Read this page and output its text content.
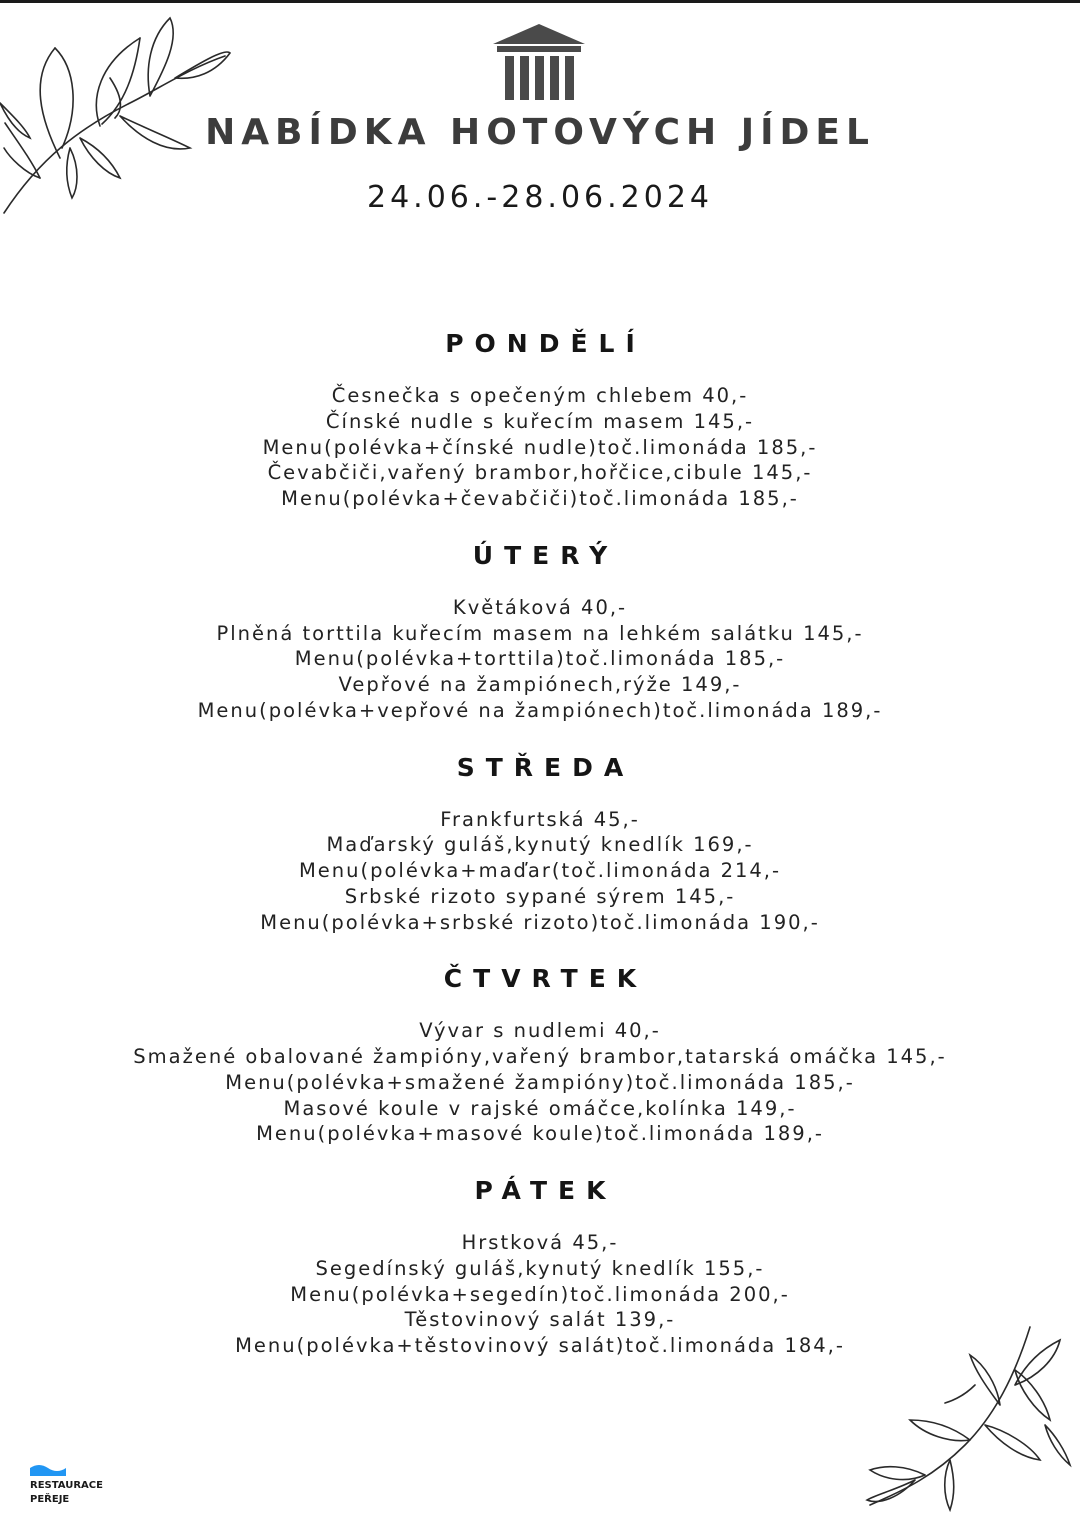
NABÍDKA HOTOVÝCH JÍDEL
24.06.-28.06.2024
PONDĚLÍ
Česnečka s opečeným chlebem 40,-
Čínské nudle s kuřecím masem 145,-
Menu(polévka+čínské nudle)toč.limonáda 185,-
Čevabčiči,vařený brambor,hořčice,cibule 145,-
Menu(polévka+čevabčiči)toč.limonáda 185,-
ÚTERÝ
Květáková 40,-
Plněná torttila kuřecím masem na lehkém salátku 145,-
Menu(polévka+torttila)toč.limonáda 185,-
Vepřové na žampiónech,rýže 149,-
Menu(polévka+vepřové na žampiónech)toč.limonáda 189,-
STŘEDA
Frankfurtská 45,-
Maďarský guláš,kynutý knedlík 169,-
Menu(polévka+maďar(toč.limonáda 214,-
Srbské rizoto sypané sýrem 145,-
Menu(polévka+srbské rizoto)toč.limonáda 190,-
ČTVRTEK
Vývar s nudlemi 40,-
Smažené obalované žampióny,vařený brambor,tatarská omáčka 145,-
Menu(polévka+smažené žampióny)toč.limonáda 185,-
Masové koule v rajské omáčce,kolínka 149,-
Menu(polévka+masové koule)toč.limonáda 189,-
PÁTEK
Hrstková 45,-
Segedínský guláš,kynutý knedlík 155,-
Menu(polévka+segedín)toč.limonáda 200,-
Těstovinový salát 139,-
Menu(polévka+těstovinový salát)toč.limonáda 184,-
RESTAURACE
PEŘEJE
